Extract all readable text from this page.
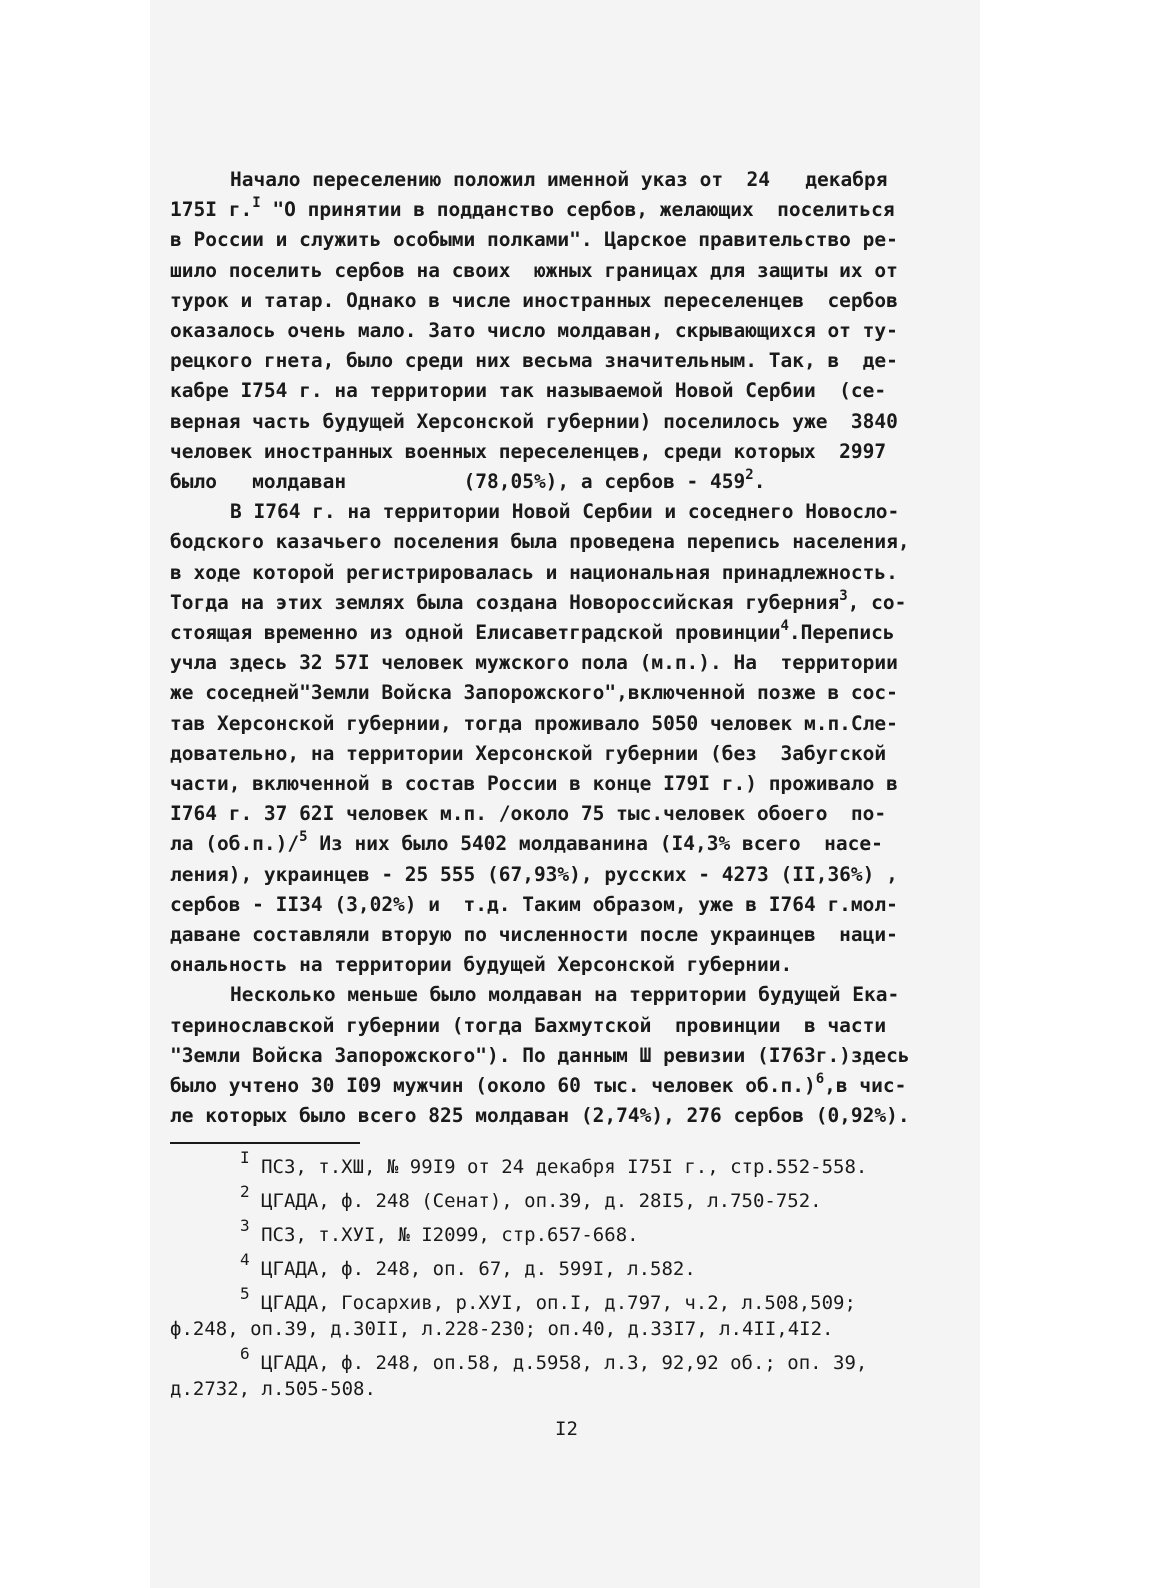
Начало переселению положил именной указ от  24   декабря
175I г.$^I$ "О принятии в подданство сербов, желающих  поселиться
в России и служить особыми полками". Царское правительство ре-
шило поселить сербов на своих  южных границах для защиты их от
турок и татар. Однако в числе иностранных переселенцев  сербов
оказалось очень мало. Зато число молдаван, скрывающихся от ту-
рецкого гнета, было среди них весьма значительным. Так, в  де-
кабре I754 г. на территории так называемой Новой Сербии  (се-
верная часть будущей Херсонской губернии) поселилось уже  3840
человек иностранных военных переселенцев, среди которых  2997
было   молдаван          (78,05%), а сербов - 459$^2$.
В I764 г. на территории Новой Сербии и соседнего Новосло-
бодского казачьего поселения была проведена перепись населения,
в ходе которой регистрировалась и национальная принадлежность.
Тогда на этих землях была создана Новороссийская губерния$^3$, со-
стоящая временно из одной Елисаветградской провинции$^4$.Перепись
учла здесь 32 57I человек мужского пола (м.п.). На  территории
же соседней"Земли Войска Запорожского",включенной позже в сос-
тав Херсонской губернии, тогда проживало 5050 человек м.п.Сле-
довательно, на территории Херсонской губернии (без  Забугской
части, включенной в состав России в конце I79I г.) проживало в
I764 г. 37 62I человек м.п. /около 75 тыс.человек обоего  по-
ла (об.п.)/$^5$ Из них было 5402 молдаванина (I4,3% всего  насе-
ления), украинцев - 25 555 (67,93%), русских - 4273 (II,36%) ,
сербов - II34 (3,02%) и  т.д. Таким образом, уже в I764 г.мол-
даване составляли вторую по численности после украинцев  наци-
ональность на территории будущей Херсонской губернии.
Несколько меньше было молдаван на территории будущей Ека-
теринославской губернии (тогда Бахмутской  провинции  в части
"Земли Войска Запорожского"). По данным Ш ревизии (I763г.)здесь
было учтено 30 I09 мужчин (около 60 тыс. человек об.п.)$^6$,в чис-
ле которых было всего 825 молдаван (2,74%), 276 сербов (0,92%).
I ПСЗ, т.XШ, № 99I9 от 24 декабря I75I г., стр.552-558.
2 ЦГАДА, ф. 248 (Сенат), оп.39, д. 28I5, л.750-752.
3 ПСЗ, т.XУI, № I2099, стр.657-668.
4 ЦГАДА, ф. 248, оп. 67, д. 599I, л.582.
5 ЦГАДА, Госархив, р.XУI, оп.I, д.797, ч.2, л.508,509;
ф.248, оп.39, д.30II, л.228-230; оп.40, д.33I7, л.4II,4I2.
6 ЦГАДА, ф. 248, оп.58, д.5958, л.3, 92,92 об.; оп. 39,
д.2732, л.505-508.
I2
